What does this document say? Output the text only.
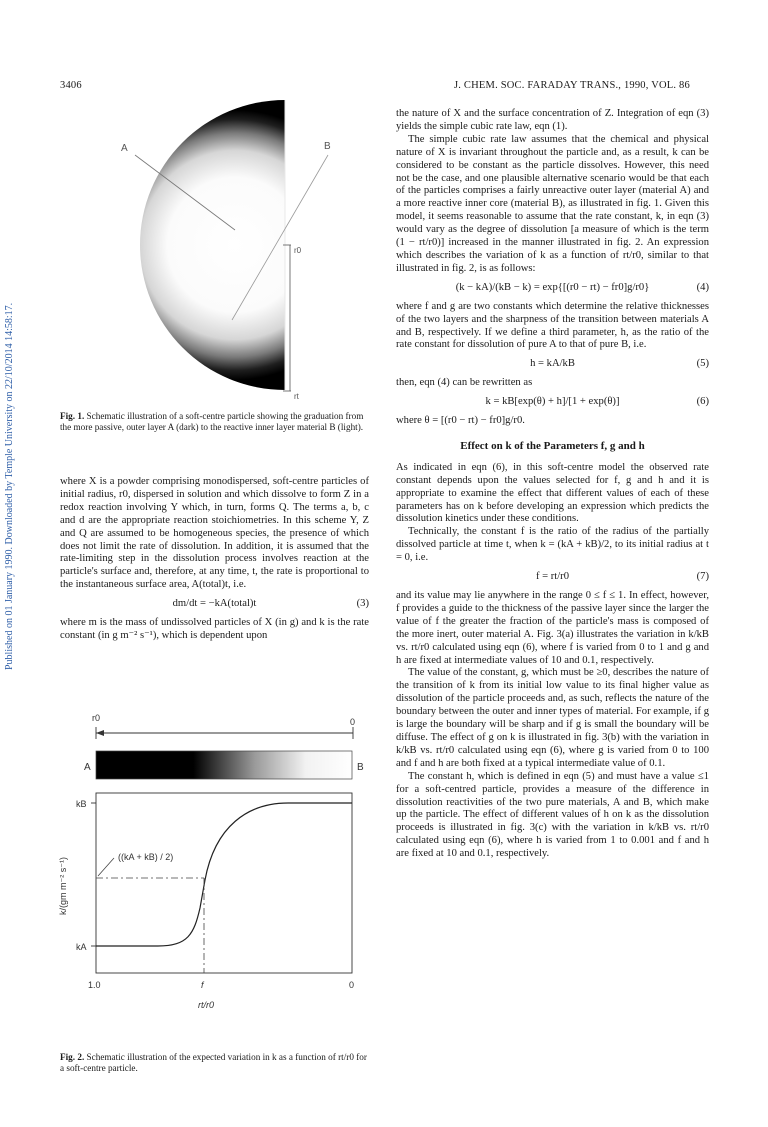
3406	J. CHEM. SOC. FARADAY TRANS., 1990, VOL. 86
Published on 01 January 1990. Downloaded by Temple University on 22/10/2014 14:58:17.
A	B
r0
rt
Fig. 1. Schematic illustration of a soft-centre particle showing the graduation from the more passive, outer layer A (dark) to the reactive inner layer material B (light).

where X is a powder comprising monodispersed, soft-centre particles of initial radius, r0, dispersed in solution and which dissolve to form Z in a redox reaction involving Y which, in turn, forms Q. The terms a, b, c and d are the appropriate reaction stoichiometries. In this scheme Y, Z and Q are assumed to be homogeneous species, the presence of which does not limit the rate of dissolution. In addition, it is assumed that the rate-limiting step in the dissolution process involves reaction at the particle's surface and, therefore, at any time, t, the rate is proportional to the instantaneous surface area, A(total)t, i.e.

dm/dt = −kA(total)t	(3)

where m is the mass of undissolved particles of X (in g) and k is the rate constant (in g m⁻² s⁻¹), which is dependent upon

r0	0
A	B
kB
kA
k/(gm m⁻² s⁻¹)	((kA + kB) / 2)
1.0	f	0
rt/r0
Fig. 2. Schematic illustration of the expected variation in k as a function of rt/r0 for a soft-centre particle.

the nature of X and the surface concentration of Z. Integration of eqn (3) yields the simple cubic rate law, eqn (1).

The simple cubic rate law assumes that the chemical and physical nature of X is invariant throughout the particle and, as a result, k can be considered to be constant as the particle dissolves. However, this need not be the case, and one plausible alternative scenario would be that each of the particles comprises a fairly unreactive outer layer (material A) and a more reactive inner core (material B), as illustrated in fig. 1. Given this model, it seems reasonable to assume that the rate constant, k, in eqn (3) would vary as the degree of dissolution [a measure of which is the term (1 − rt/r0)] increased in the manner illustrated in fig. 2. An expression which describes the variation of k as a function of rt/r0, similar to that illustrated in fig. 2, is as follows:

(k − kA)/(kB − k) = exp{[(r0 − rt) − fr0]g/r0}	(4)

where f and g are two constants which determine the relative thicknesses of the two layers and the sharpness of the transition between materials A and B, respectively. If we define a third parameter, h, as the ratio of the rate constant for dissolution of pure A to that of pure B, i.e.

h = kA/kB	(5)

then, eqn (4) can be rewritten as

k = kB[exp(θ) + h]/[1 + exp(θ)]	(6)

where θ = [(r0 − rt) − fr0]g/r0.

Effect on k of the Parameters f, g and h

As indicated in eqn (6), in this soft-centre model the observed rate constant depends upon the values selected for f, g and h and it is appropriate to examine the effect that different values of each of these parameters has on k before developing an expression which predicts the dissolution kinetics under these conditions.

Technically, the constant f is the ratio of the radius of the partially dissolved particle at time t, when k = (kA + kB)/2, to its initial radius at t = 0, i.e.

f = rt/r0	(7)

and its value may lie anywhere in the range 0 ≤ f ≤ 1. In effect, however, f provides a guide to the thickness of the passive layer since the larger the value of f the greater the fraction of the particle's mass is composed of the more inert, outer material A. Fig. 3(a) illustrates the variation in k/kB vs. rt/r0 calculated using eqn (6), where f is varied from 0 to 1 and g and h are fixed at intermediate values of 10 and 0.1, respectively.

The value of the constant, g, which must be ≥0, describes the nature of the transition of k from its initial low value to its final higher value as dissolution of the particle proceeds and, as such, reflects the nature of the boundary between the outer and inner types of material. For example, if g is large the boundary will be sharp and if g is small the boundary will be diffuse. The effect of g on k is illustrated in fig. 3(b) with the variation in k/kB vs. rt/r0 calculated using eqn (6), where g is varied from 0 to 100 and f and h are both fixed at a typical intermediate value of 0.1.

The constant h, which is defined in eqn (5) and must have a value ≤1 for a soft-centred particle, provides a measure of the difference in dissolution reactivities of the two pure materials, A and B, which make up the particle. The effect of different values of h on k as the dissolution proceeds is illustrated in fig. 3(c) with the variation in k/kB vs. rt/r0 calculated using eqn (6), where h is varied from 1 to 0.001 and f and h are fixed at 10 and 0.1, respectively.
